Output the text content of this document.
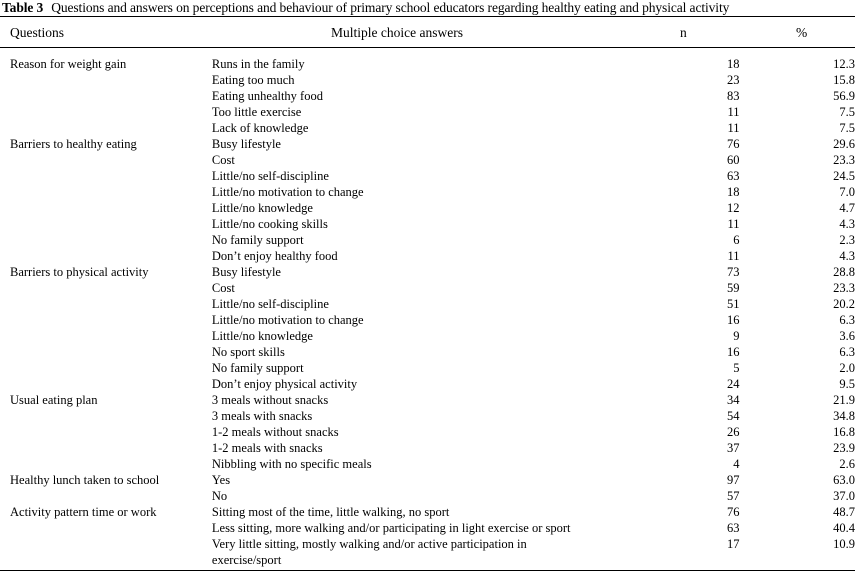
Table 3 Questions and answers on perceptions and behaviour of primary school educators regarding healthy eating and physical activity
Questions	Multiple choice answers	n	%
Reason for weight gain	Runs in the family	18	12.3
	Eating too much	23	15.8
	Eating unhealthy food	83	56.9
	Too little exercise	11	7.5
	Lack of knowledge	11	7.5
Barriers to healthy eating	Busy lifestyle	76	29.6
	Cost	60	23.3
	Little/no self-discipline	63	24.5
	Little/no motivation to change	18	7.0
	Little/no knowledge	12	4.7
	Little/no cooking skills	11	4.3
	No family support	6	2.3
	Don’t enjoy healthy food	11	4.3
Barriers to physical activity	Busy lifestyle	73	28.8
	Cost	59	23.3
	Little/no self-discipline	51	20.2
	Little/no motivation to change	16	6.3
	Little/no knowledge	9	3.6
	No sport skills	16	6.3
	No family support	5	2.0
	Don’t enjoy physical activity	24	9.5
Usual eating plan	3 meals without snacks	34	21.9
	3 meals with snacks	54	34.8
	1-2 meals without snacks	26	16.8
	1-2 meals with snacks	37	23.9
	Nibbling with no specific meals	4	2.6
Healthy lunch taken to school	Yes	97	63.0
	No	57	37.0
Activity pattern time or work	Sitting most of the time, little walking, no sport	76	48.7
	Less sitting, more walking and/or participating in light exercise or sport	63	40.4
	Very little sitting, mostly walking and/or active participation in	17	10.9
	exercise/sport		
